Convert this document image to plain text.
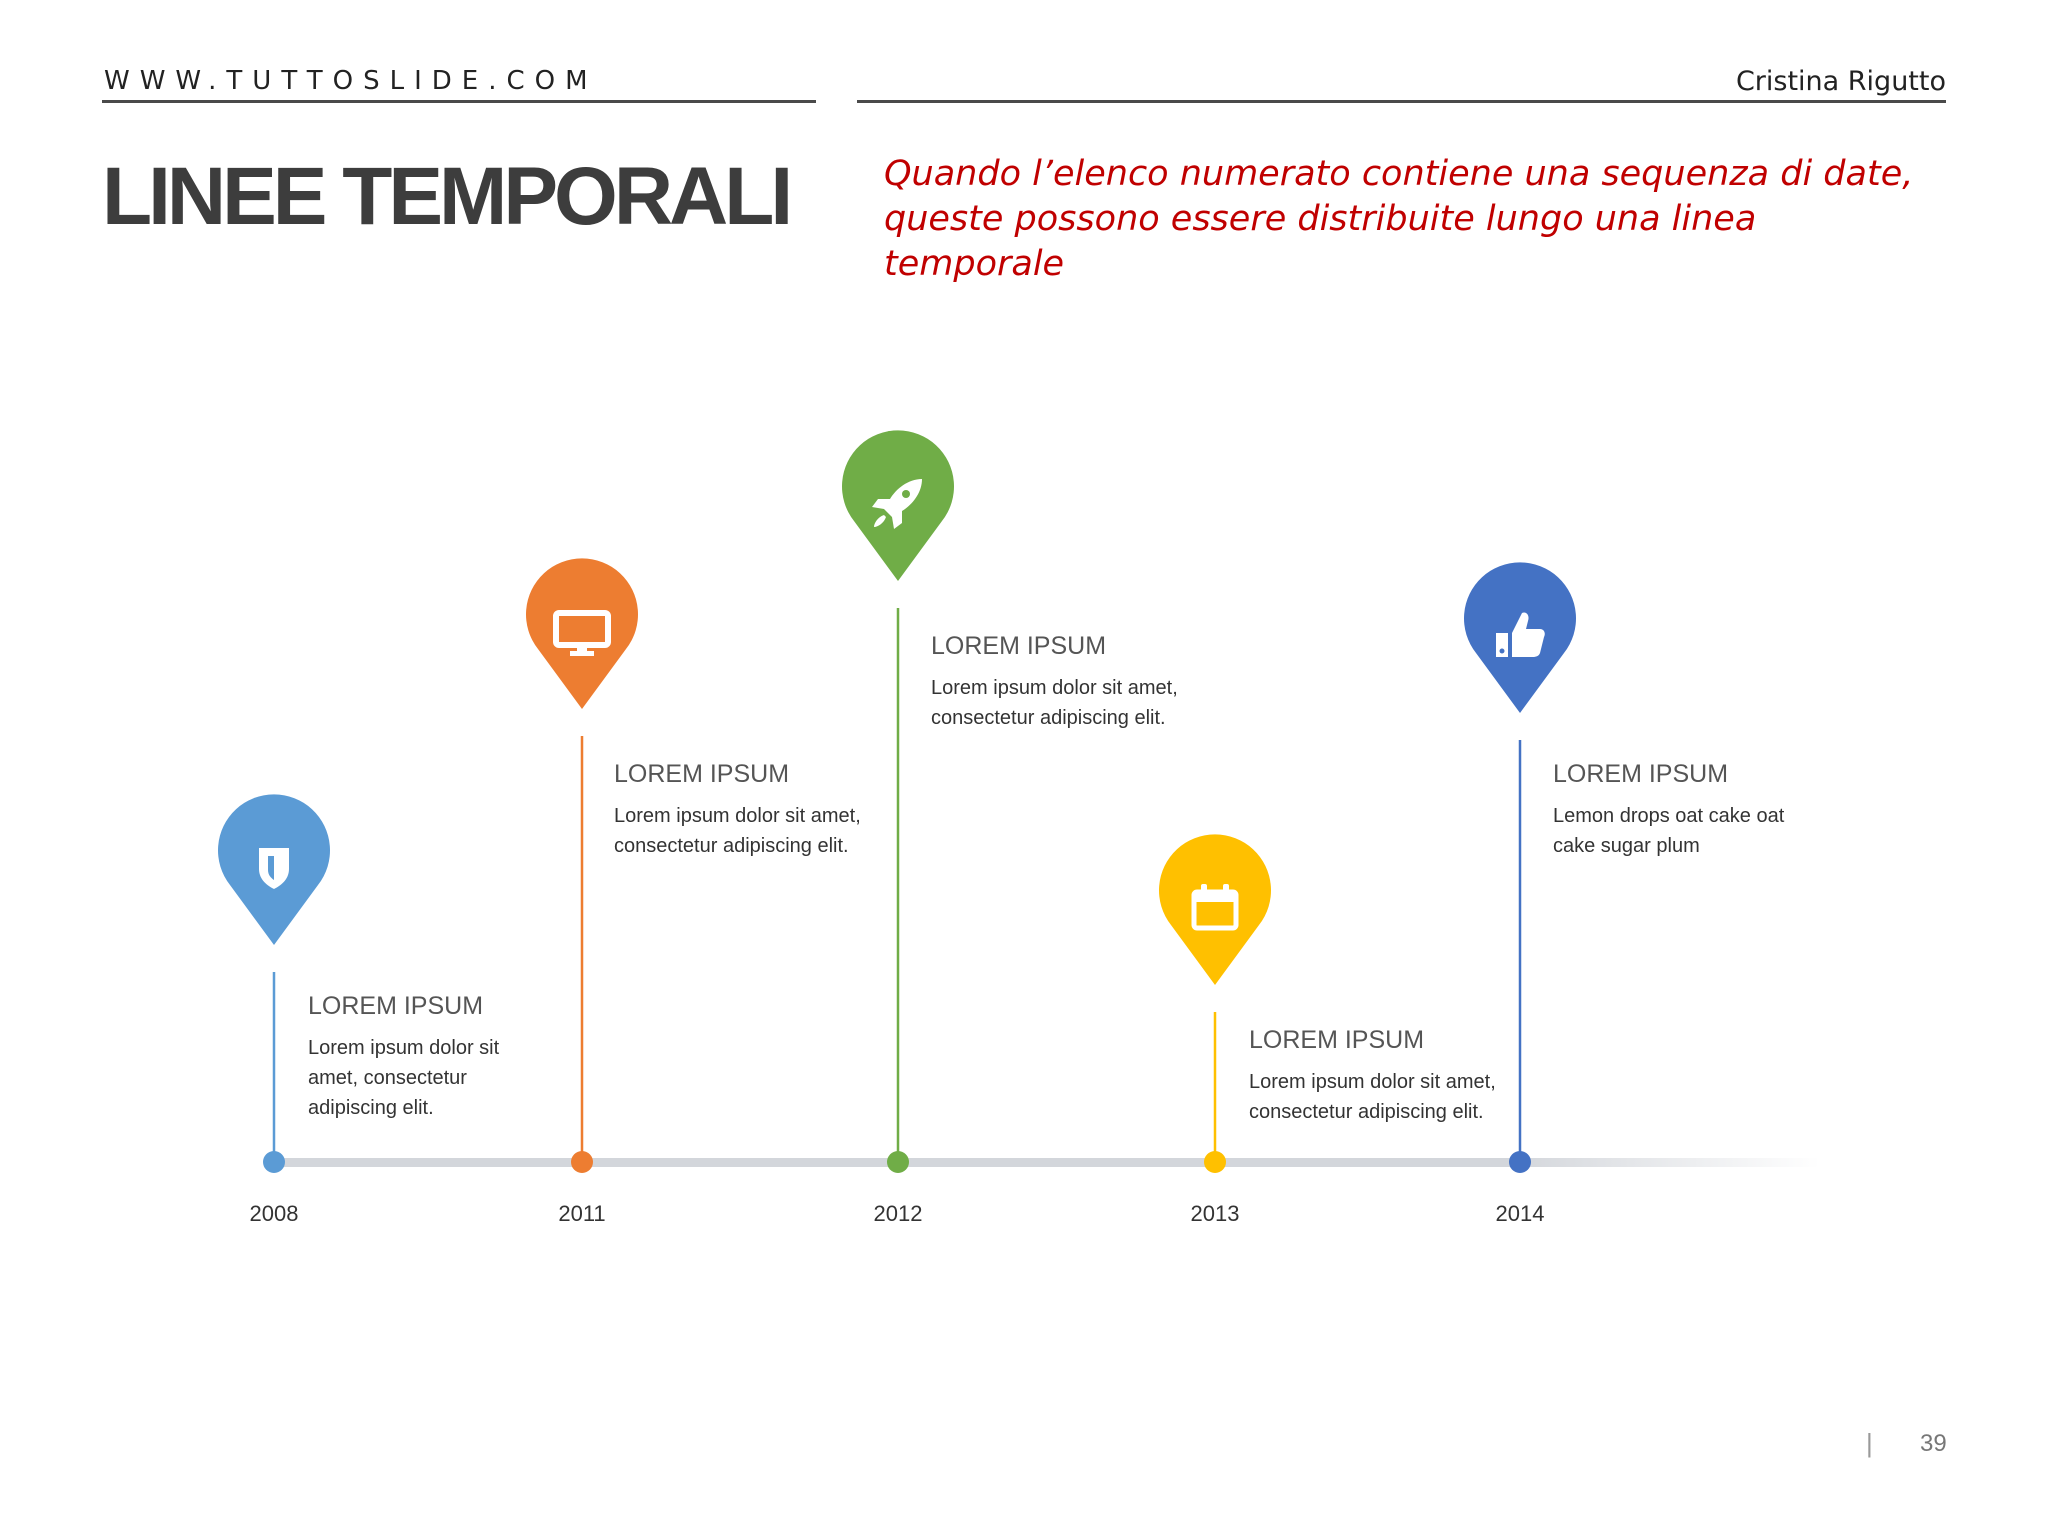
WWW.TUTTOSLIDE.COM	Cristina Rigutto
LINEE TEMPORALI	Quando l’elenco numerato contiene una sequenza di date, queste possono essere distribuite lungo una linea temporale
2008	2011	2012	2013	2014
LOREM IPSUM
Lorem ipsum dolor sit amet, consectetur adipiscing elit.
LOREM IPSUM
Lorem ipsum dolor sit amet, consectetur adipiscing elit.
LOREM IPSUM
Lorem ipsum dolor sit amet, consectetur adipiscing elit.
LOREM IPSUM
Lorem ipsum dolor sit amet, consectetur adipiscing elit.
LOREM IPSUM
Lemon drops oat cake oat cake sugar plum
| 39
